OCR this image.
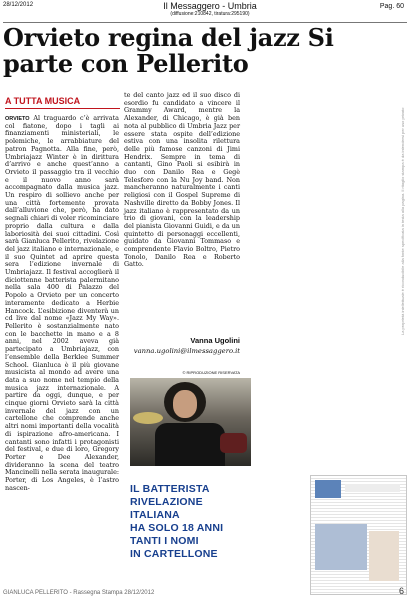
28/12/2012	Il Messaggero - Umbria
(diffusione:210842, tiratura:295190)
Pag. 60
Orvieto regina del jazz Si parte con Pellerito
A TUTTA MUSICA
ORVIETO Al traguardo c’è arrivata col fiatone, dopo i tagli ai finanziamenti ministeriali, le polemiche, le arrabbiature del patron Pagnotta. Alla fine, però, Umbriajazz Winter è in dirittura d’arrivo e anche quest’anno a Orvieto il passaggio tra il vecchio e il nuovo anno sarà accompagnato dalla musica jazz. Un respiro di sollievo anche per una città fortemente provata dall’alluvione che, però, ha dato segnali chiari di voler ricominciare proprio dalla cultura e dalla laboriosità dei suoi cittadini. Così sarà Gianluca Pellerito, rivelazione del jazz italiano e internazionale, e il suo Quintet ad aprire questa sera l’edizione invernale di Umbriajazz. Il festival accoglierà il diciottenne batterista palermitano nella sala 400 di Palazzo del Popolo a Orvieto per un concerto interamente dedicato a Herbie Hancock. L’esibizione diventerà un cd live dal nome «Jazz My Way». Pellerito è sostanzialmente nato con le bacchette in mano e a 8 anni, nel 2002 aveva già partecipato a Umbriajazz, con l’ensemble della Berklee Summer School. Gianluca è il più giovane musicista al mondo ad avere una data a suo nome nel tempio della musica jazz internazionale. A partire da oggi, dunque, e per cinque giorni Orvieto sarà la città invernale del jazz con un cartellone che comprende anche altri nomi importanti della vocalità di ispirazione afro-americana. I cantanti sono infatti i protagonisti del festival, e due di loro, Gregory Porter e Dee Alexander, divideranno la scena del teatro Mancinelli nella serata inaugurale: Porter, di Los Angeles, è l’astro nascen-
te del canto jazz ed il suo disco di esordio fu candidato a vincere il Grammy Award, mentre la Alexander, di Chicago, è già ben nota al pubblico di Umbria Jazz per essere stata ospite dell’edizione estiva con una insolita rilettura delle più famose canzoni di Jimi Hendrix. Sempre in tema di cantanti, Gino Paoli si esibirà in duo con Danilo Rea e Gegè Telesforo con la Nu Joy band. Non mancheranno naturalmente i canti religiosi con il Gospel Supreme di Nashville diretto da Bobby Jones. Il jazz italiano è rappresentato da un trio di giovani, con la leadership del pianista Giovanni Guidi, e da un quintetto di personaggi eccellenti, guidato da Giovanni Tommaso e comprendente Flavio Boltro, Pietro Tonolo, Danilo Rea e Roberto Gatto.
Vanna Ugolini
vanna.ugolini@ilmessaggero.it
© RIPRODUZIONE RISERVATA
IL BATTERISTA
RIVELAZIONE
ITALIANA
HA SOLO 18 ANNI
TANTI I NOMI
IN CARTELLONE
La proprietà intellettuale è riconducibile alla fonte specificata in testa alla pagina. Il ritaglio stampa è da intendersi per uso privato
GIANLUCA PELLERITO - Rassegna Stampa 28/12/2012	6
